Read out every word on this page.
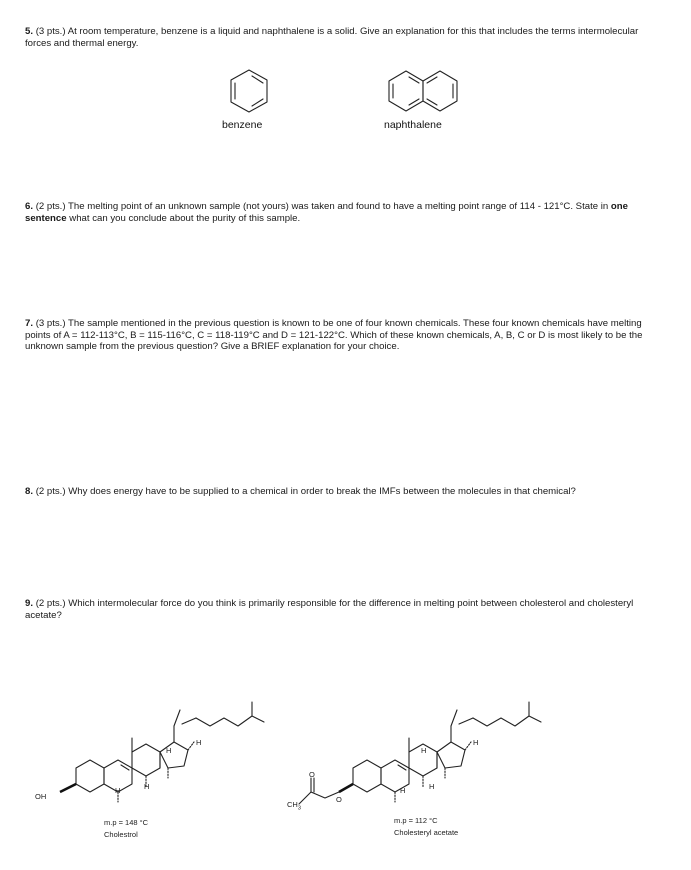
5. (3 pts.) At room temperature, benzene is a liquid and naphthalene is a solid. Give an explanation for this that includes the terms intermolecular forces and thermal energy.
benzene	naphthalene
6. (2 pts.) The melting point of an unknown sample (not yours) was taken and found to have a melting point range of 114 - 121°C. State in one sentence what can you conclude about the purity of this sample.
7. (3 pts.) The sample mentioned in the previous question is known to be one of four known chemicals. These four known chemicals have melting points of A = 112-113°C, B = 115-116°C, C = 118-119°C and D = 121-122°C. Which of these known chemicals, A, B, C or D is most likely to be the unknown sample from the previous question? Give a BRIEF explanation for your choice.
8. (2 pts.) Why does energy have to be supplied to a chemical in order to break the IMFs between the molecules in that chemical?
9. (2 pts.) Which intermolecular force do you think is primarily responsible for the difference in melting point between cholesterol and cholesteryl acetate?
OH
H	H
H
H
m.p = 148 °C
Cholestrol
$CH_3$
O
O
H	H
H
H
m.p = 112 °C
Cholesteryl acetate
